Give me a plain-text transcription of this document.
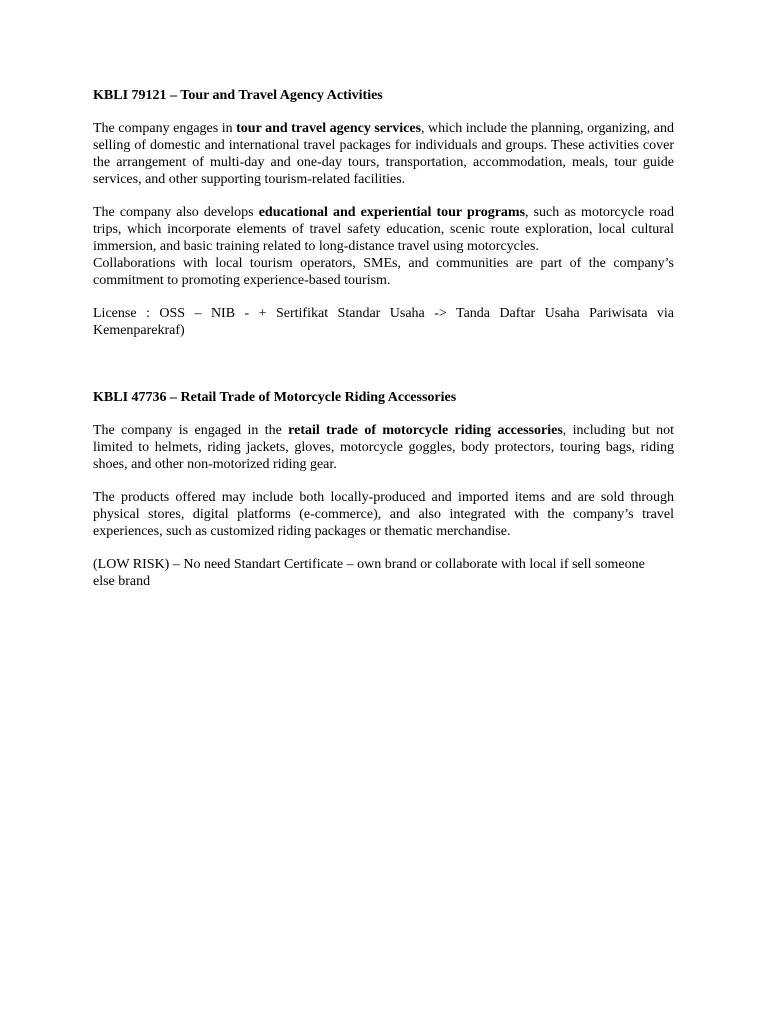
KBLI 79121 – Tour and Travel Agency Activities

The company engages in tour and travel agency services, which include the planning, organizing, and selling of domestic and international travel packages for individuals and groups. These activities cover the arrangement of multi-day and one-day tours, transportation, accommodation, meals, tour guide services, and other supporting tourism-related facilities.

The company also develops educational and experiential tour programs, such as motorcycle road trips, which incorporate elements of travel safety education, scenic route exploration, local cultural immersion, and basic training related to long-distance travel using motorcycles.

Collaborations with local tourism operators, SMEs, and communities are part of the company’s commitment to promoting experience-based tourism.

License : OSS – NIB - + Sertifikat Standar Usaha -> Tanda Daftar Usaha Pariwisata via Kemenparekraf)

KBLI 47736 – Retail Trade of Motorcycle Riding Accessories

The company is engaged in the retail trade of motorcycle riding accessories, including but not limited to helmets, riding jackets, gloves, motorcycle goggles, body protectors, touring bags, riding shoes, and other non-motorized riding gear.

The products offered may include both locally-produced and imported items and are sold through physical stores, digital platforms (e-commerce), and also integrated with the company’s travel experiences, such as customized riding packages or thematic merchandise.

(LOW RISK) – No need Standart Certificate – own brand or collaborate with local if sell someone else brand
